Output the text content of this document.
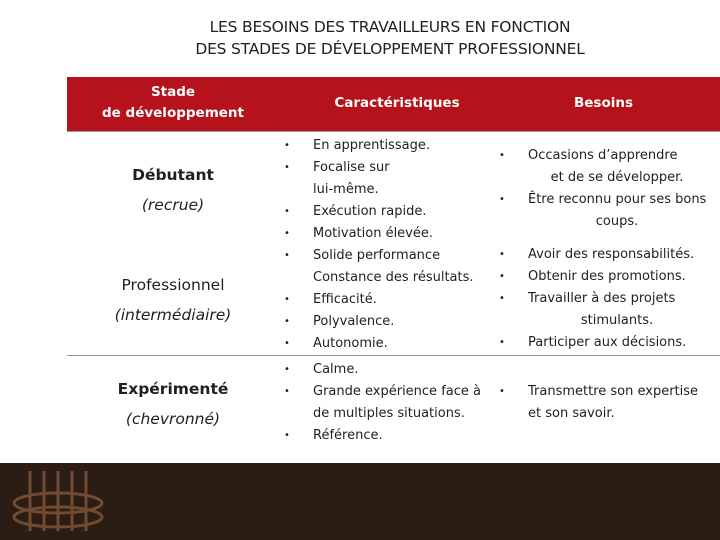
LES BESOINS DES TRAVAILLEURS EN FONCTION
DES STADES DE DÉVELOPPEMENT PROFESSIONNEL
Stade
de développement
Caractéristiques	Besoins
Débutant
(recrue)
Professionnel
(intermédiaire)
Expérimenté
(chevronné)
• En apprentissage.
• Focalise sur
lui-même.
• Exécution rapide.
• Motivation élevée.
• Solide performance
Constance des résultats.
• Efficacité.
• Polyvalence.
• Autonomie.
• Calme.
• Grande expérience face à
de multiples situations.
• Référence.
• Occasions d’apprendre
et de se développer.
• Être reconnu pour ses bons
coups.
• Avoir des responsabilités.
• Obtenir des promotions.
• Travailler à des projets
stimulants.
• Participer aux décisions.
• Transmettre son expertise
et son savoir.
